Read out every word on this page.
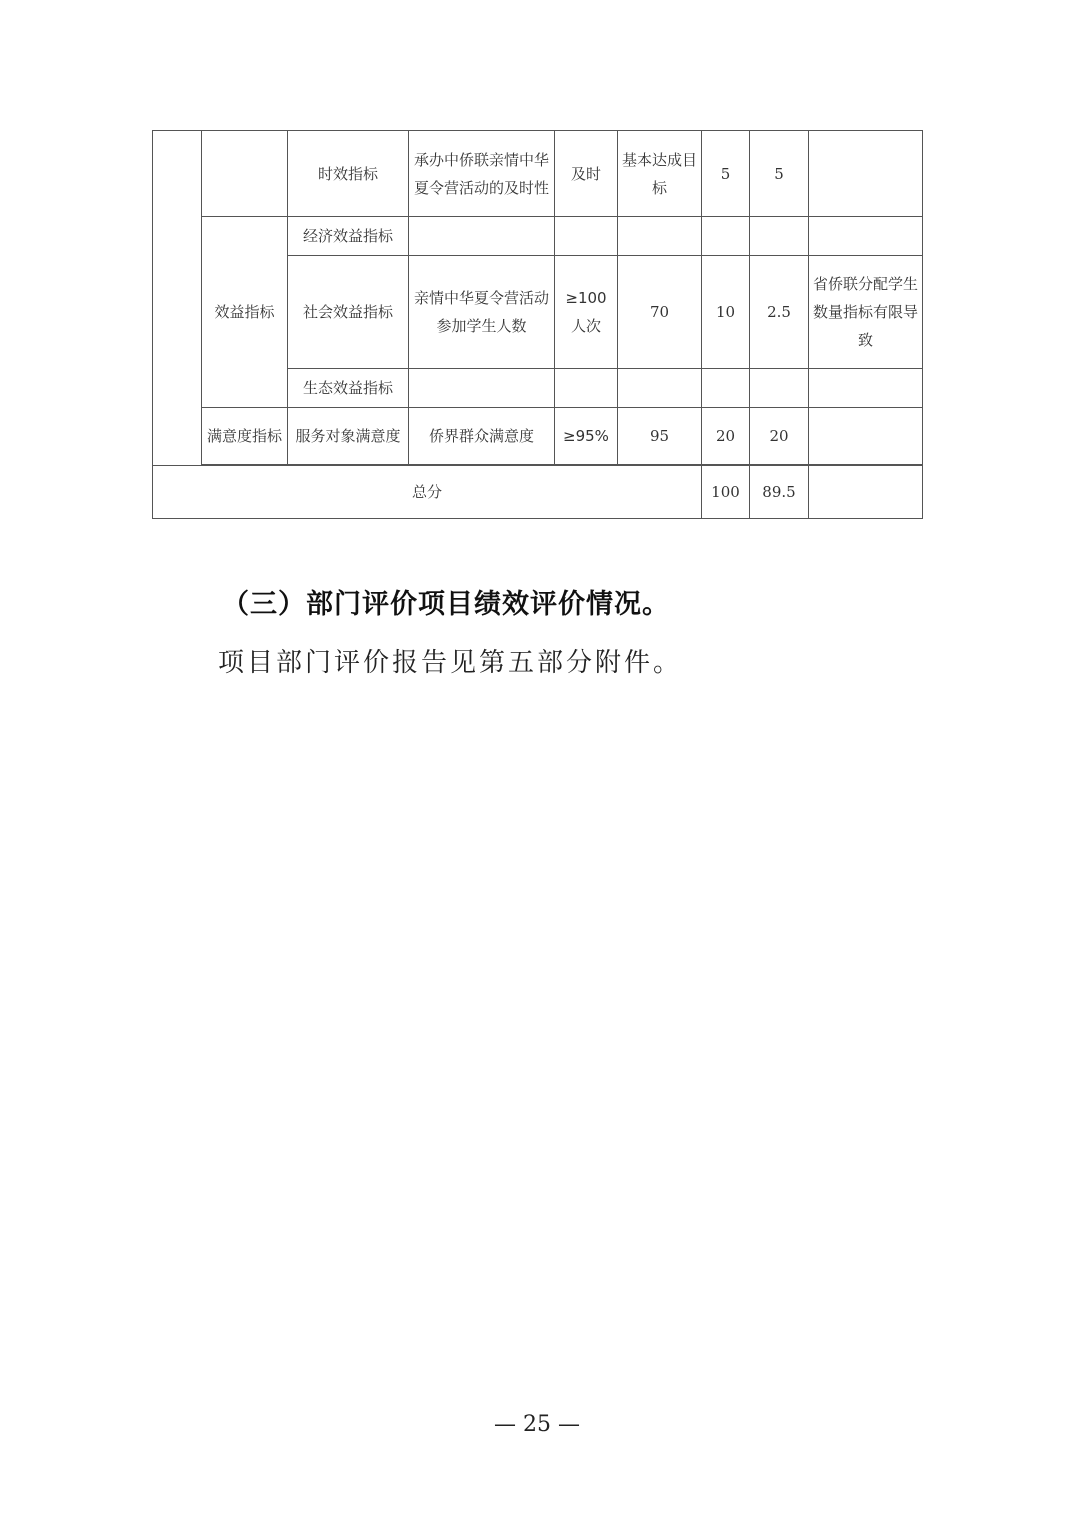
		时效指标	承办中侨联亲情中华夏令营活动的及时性	及时	基本达成目标	5	5	
	效益指标	经济效益指标						
		社会效益指标	亲情中华夏令营活动参加学生人数	≥100人次	70	10	2.5	省侨联分配学生数量指标有限导致
		生态效益指标						
	满意度指标	服务对象满意度	侨界群众满意度	≥95%	95	20	20	

总分						100	89.5	
（三）部门评价项目绩效评价情况。
项目部门评价报告见第五部分附件。
— 25 —
